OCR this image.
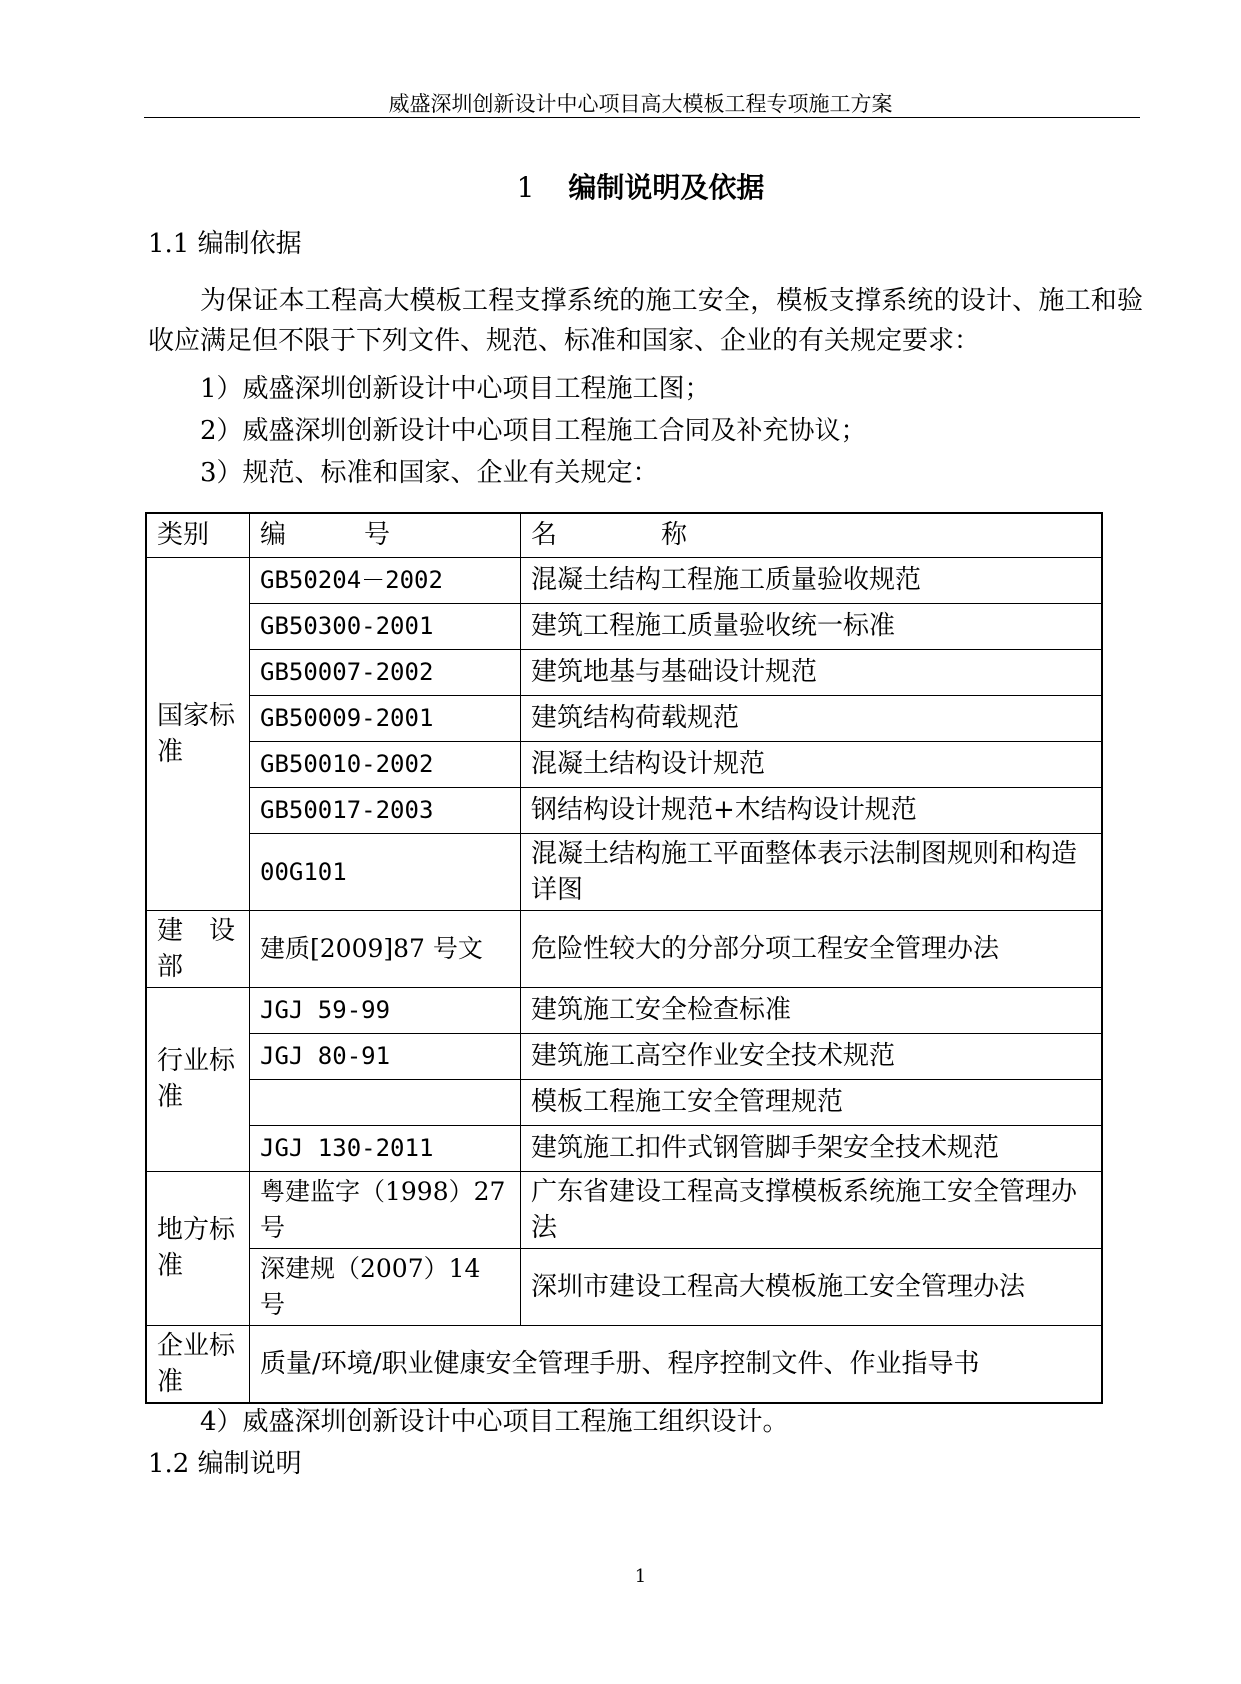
威盛深圳创新设计中心项目高大模板工程专项施工方案
1 编制说明及依据
1.1 编制依据
为保证本工程高大模板工程支撑系统的施工安全，模板支撑系统的设计、施工和验收应满足但不限于下列文件、规范、标准和国家、企业的有关规定要求：
1）威盛深圳创新设计中心项目工程施工图；
2）威盛深圳创新设计中心项目工程施工合同及补充协议；
3）规范、标准和国家、企业有关规定：
类别	编　　　号	名　　　　称
国家标准	GB50204－2002	混凝土结构工程施工质量验收规范
	GB50300-2001	建筑工程施工质量验收统一标准
	GB50007-2002	建筑地基与基础设计规范
	GB50009-2001	建筑结构荷载规范
	GB50010-2002	混凝土结构设计规范
	GB50017-2003	钢结构设计规范+木结构设计规范
	00G101	混凝土结构施工平面整体表示法制图规则和构造详图
建　设部	建质[2009]87 号文	危险性较大的分部分项工程安全管理办法
行业标准	JGJ 59-99	建筑施工安全检查标准
	JGJ 80-91	建筑施工高空作业安全技术规范
		模板工程施工安全管理规范
	JGJ 130-2011	建筑施工扣件式钢管脚手架安全技术规范
地方标准	粤建监字（1998）27 号	广东省建设工程高支撑模板系统施工安全管理办法
	深建规（2007）14 号	深圳市建设工程高大模板施工安全管理办法
企业标准	质量/环境/职业健康安全管理手册、程序控制文件、作业指导书	
4）威盛深圳创新设计中心项目工程施工组织设计。
1.2 编制说明
1
